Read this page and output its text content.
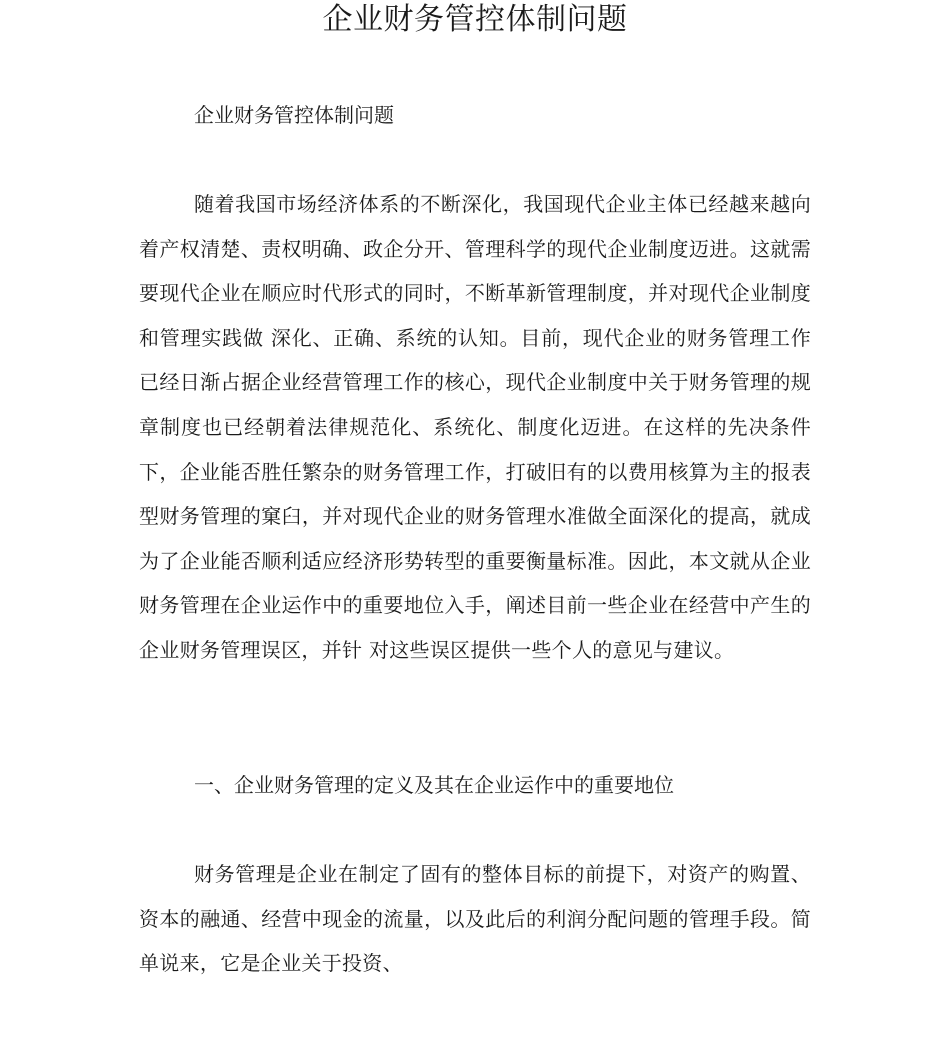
企业财务管控体制问题

企业财务管控体制问题

随着我国市场经济体系的不断深化，我国现代企业主体已经越来越向着产权清楚、责权明确、政企分开、管理科学的现代企业制度迈进。这就需要现代企业在顺应时代形式的同时，不断革新管理制度，并对现代企业制度和管理实践做 深化、正确、系统的认知。目前，现代企业的财务管理工作已经日渐占据企业经营管理工作的核心，现代企业制度中关于财务管理的规章制度也已经朝着法律规范化、系统化、制度化迈进。在这样的先决条件下，企业能否胜任繁杂的财务管理工作，打破旧有的以费用核算为主的报表型财务管理的窠臼，并对现代企业的财务管理水准做全面深化的提高，就成为了企业能否顺利适应经济形势转型的重要衡量标准。因此，本文就从企业财务管理在企业运作中的重要地位入手，阐述目前一些企业在经营中产生的企业财务管理误区，并针 对这些误区提供一些个人的意见与建议。

一、企业财务管理的定义及其在企业运作中的重要地位

财务管理是企业在制定了固有的整体目标的前提下，对资产的购置、资本的融通、经营中现金的流量，以及此后的利润分配问题的管理手段。简单说来，它是企业关于投资、
